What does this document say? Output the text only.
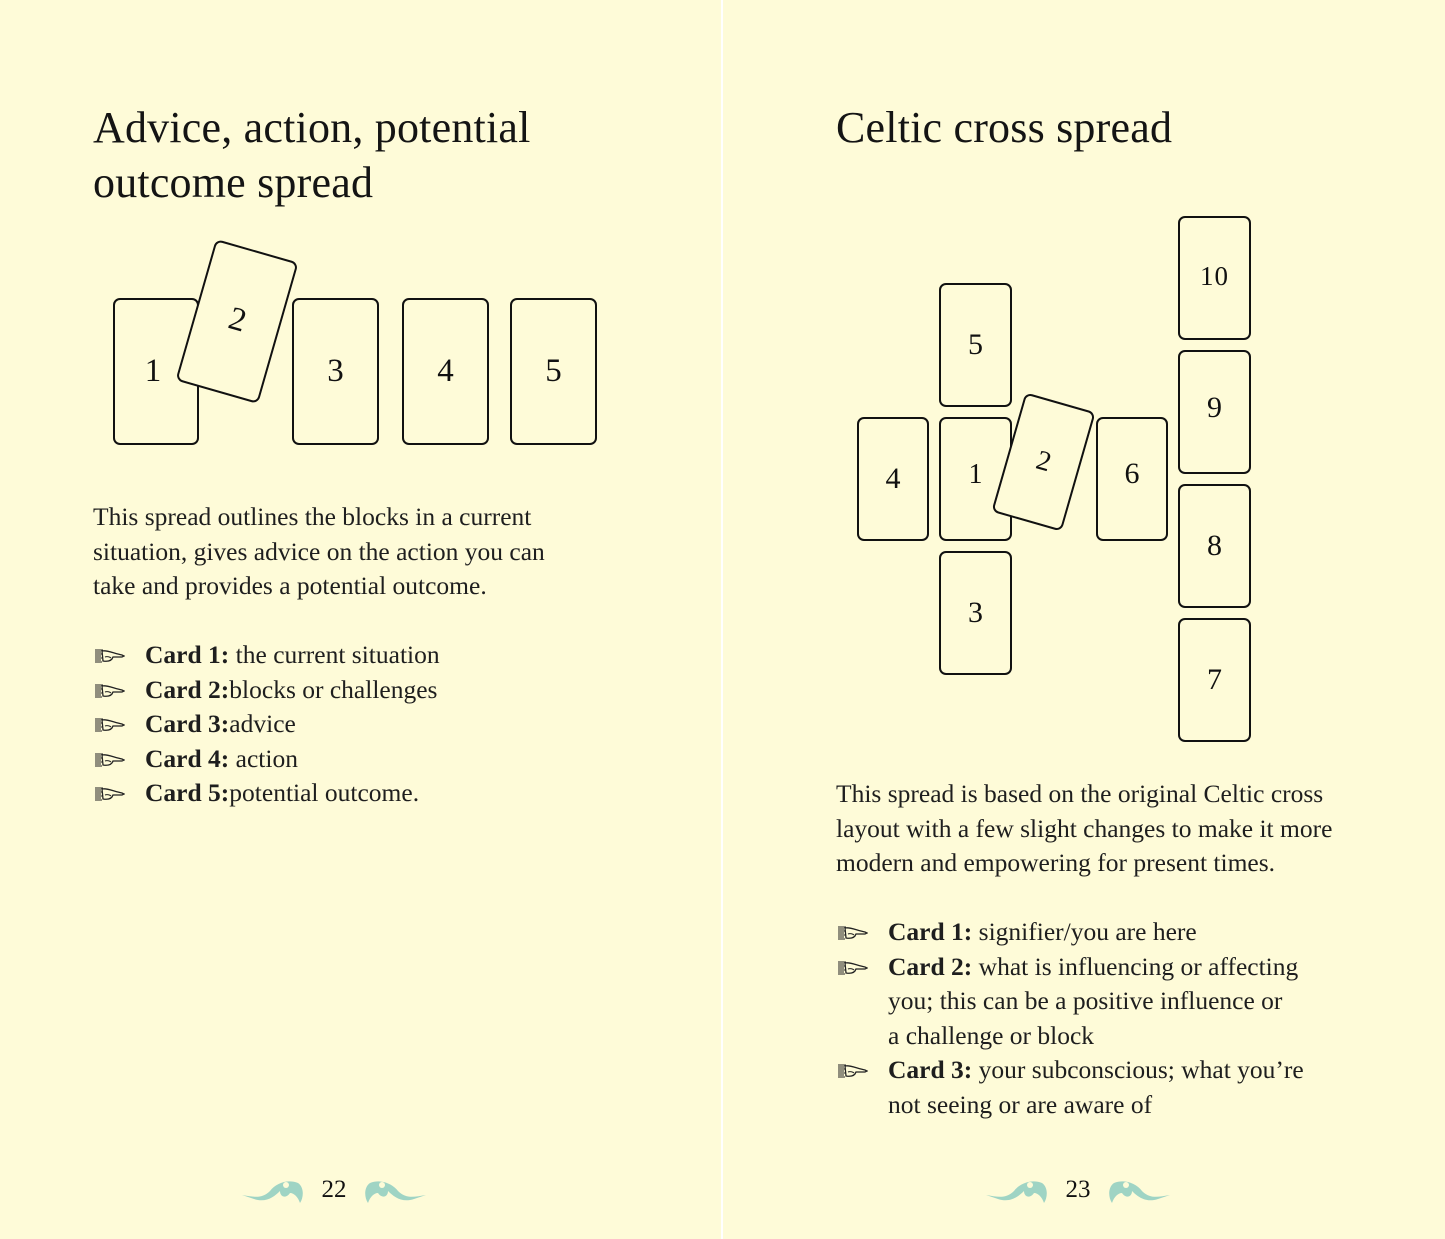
Advice, action, potential
outcome spread
1
2
3	4	5

This spread outlines the blocks in a current
situation, gives advice on the action you can
take and provides a potential outcome.

Card 1: the current situation
Card 2:blocks or challenges
Card 3:advice
Card 4: action
Card 5:potential outcome.
22
Celtic cross spread
1 2
3
4
5
6
7
8
9
10

This spread is based on the original Celtic cross
layout with a few slight changes to make it more
modern and empowering for present times.

Card 1: signifier/you are here
Card 2: what is influencing or affecting
you; this can be a positive influence or
a challenge or block
Card 3: your subconscious; what you’re
not seeing or are aware of
23
